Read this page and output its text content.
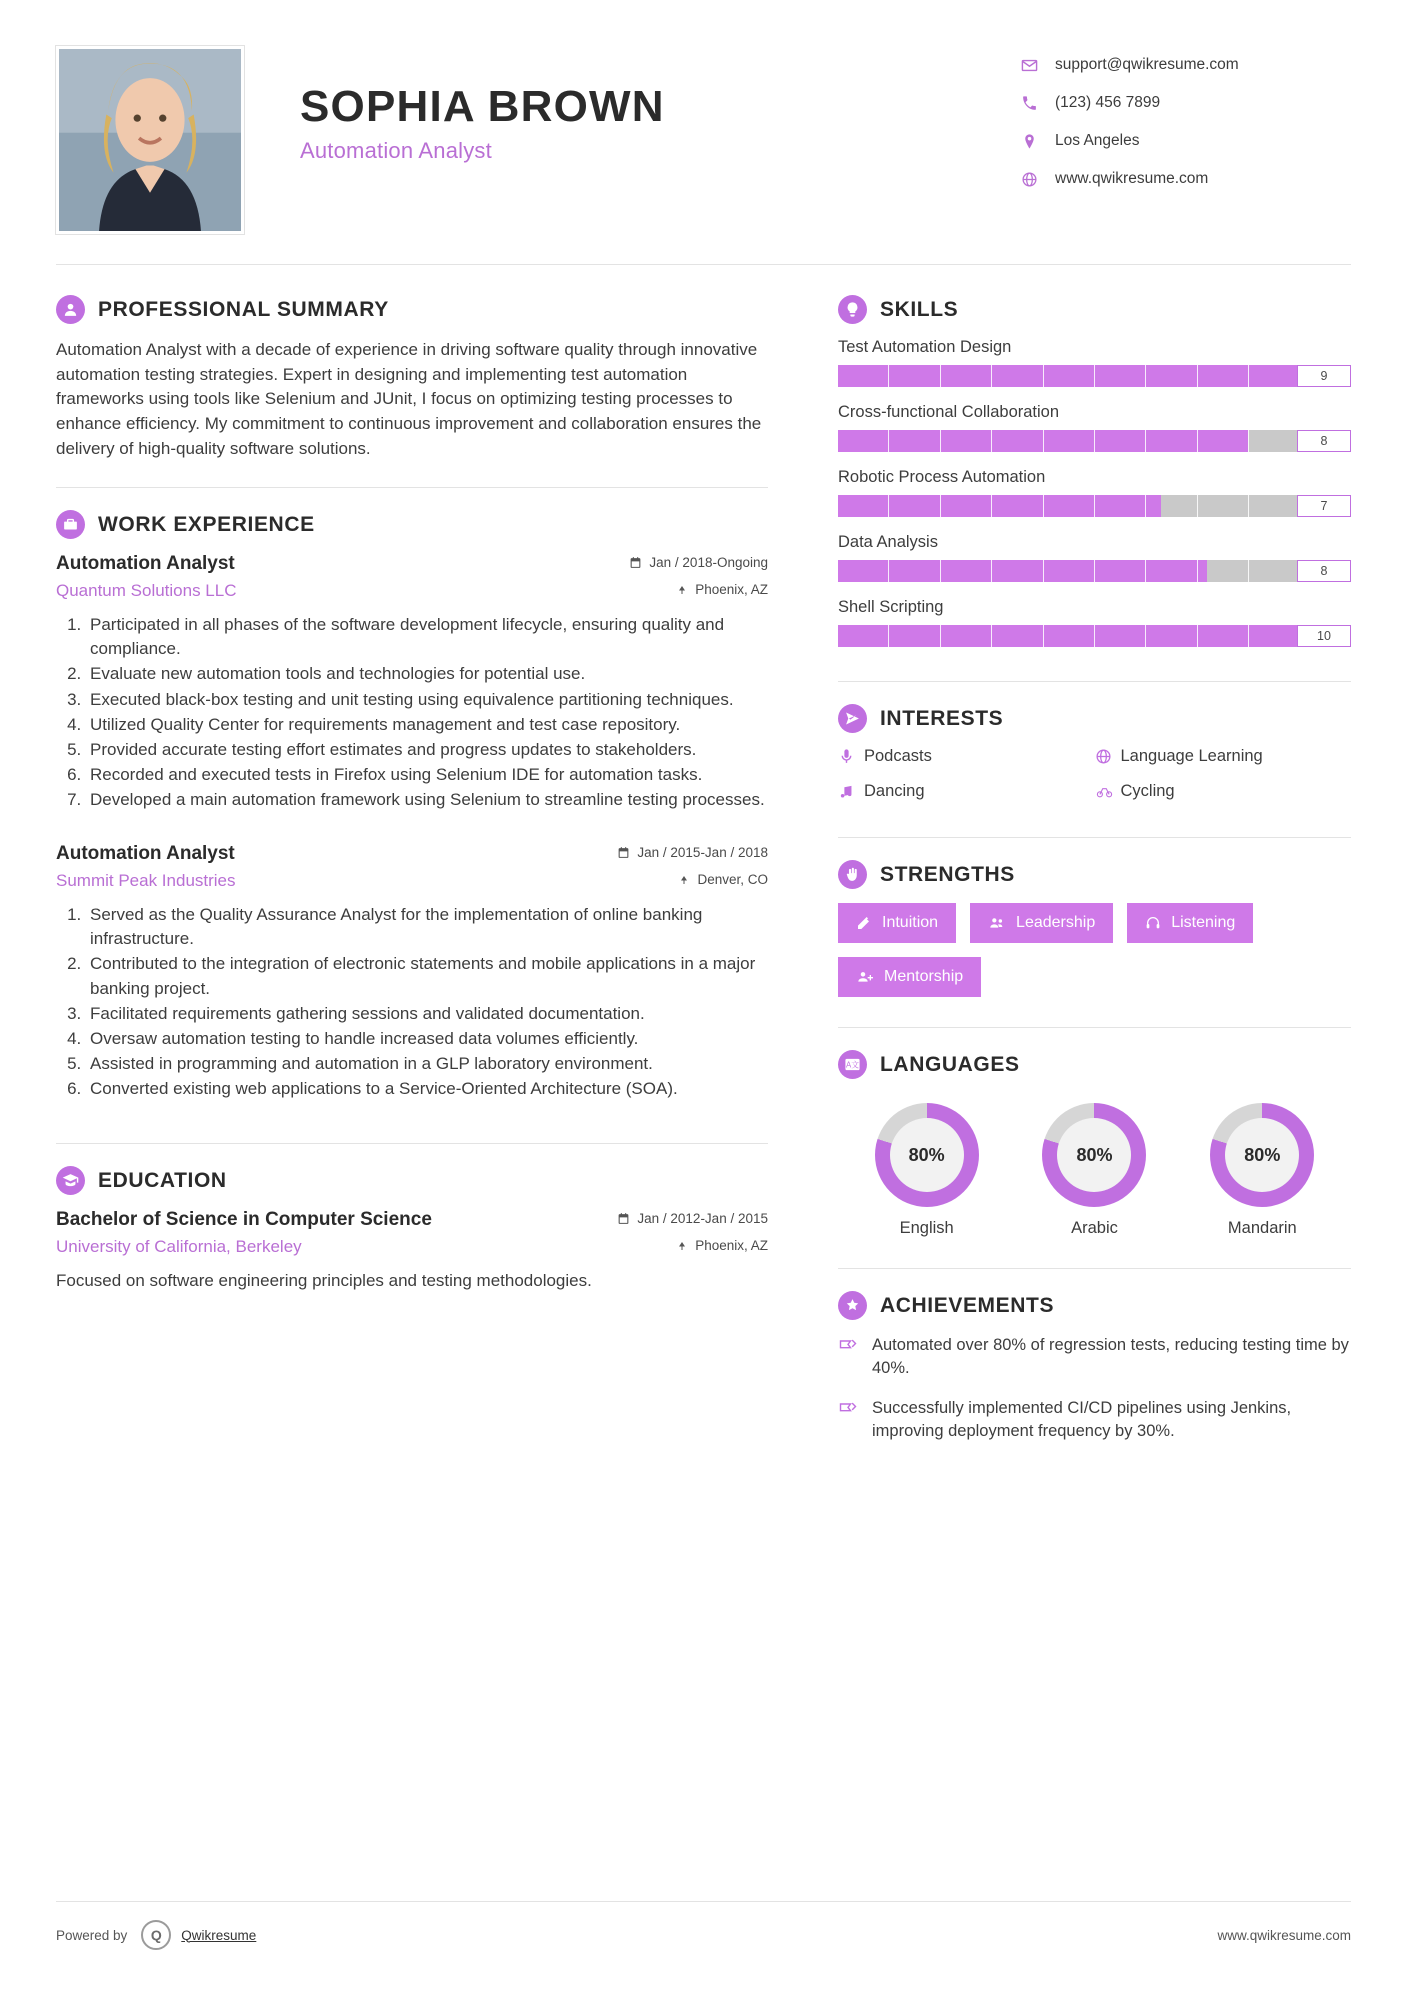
SOPHIA BROWN
Automation Analyst
support@qwikresume.com
(123) 456 7899
Los Angeles
www.qwikresume.com
PROFESSIONAL SUMMARY
Automation Analyst with a decade of experience in driving software quality through innovative automation testing strategies. Expert in designing and implementing test automation frameworks using tools like Selenium and JUnit, I focus on optimizing testing processes to enhance efficiency. My commitment to continuous improvement and collaboration ensures the delivery of high-quality software solutions.
WORK EXPERIENCE
Automation Analyst	Jan / 2018-Ongoing
Quantum Solutions LLC	Phoenix, AZ
1. Participated in all phases of the software development lifecycle, ensuring quality and compliance.
2. Evaluate new automation tools and technologies for potential use.
3. Executed black-box testing and unit testing using equivalence partitioning techniques.
4. Utilized Quality Center for requirements management and test case repository.
5. Provided accurate testing effort estimates and progress updates to stakeholders.
6. Recorded and executed tests in Firefox using Selenium IDE for automation tasks.
7. Developed a main automation framework using Selenium to streamline testing processes.
Automation Analyst	Jan / 2015-Jan / 2018
Summit Peak Industries	Denver, CO
1. Served as the Quality Assurance Analyst for the implementation of online banking infrastructure.
2. Contributed to the integration of electronic statements and mobile applications in a major banking project.
3. Facilitated requirements gathering sessions and validated documentation.
4. Oversaw automation testing to handle increased data volumes efficiently.
5. Assisted in programming and automation in a GLP laboratory environment.
6. Converted existing web applications to a Service-Oriented Architecture (SOA).
EDUCATION
Bachelor of Science in Computer Science	Jan / 2012-Jan / 2015
University of California, Berkeley	Phoenix, AZ
Focused on software engineering principles and testing methodologies.
SKILLS
Test Automation Design
9
Cross-functional Collaboration
8
Robotic Process Automation
7
Data Analysis
8
Shell Scripting
10
INTERESTS
Podcasts	Language Learning
Dancing	Cycling
STRENGTHS
Intuition	Leadership	Listening
Mentorship
A文 LANGUAGES
80%
English
80%
Arabic
80%
Mandarin
ACHIEVEMENTS
Automated over 80% of regression tests, reducing testing time by 40%.
Successfully implemented CI/CD pipelines using Jenkins, improving deployment frequency by 30%.
Powered by	Q	Qwikresume	www.qwikresume.com
